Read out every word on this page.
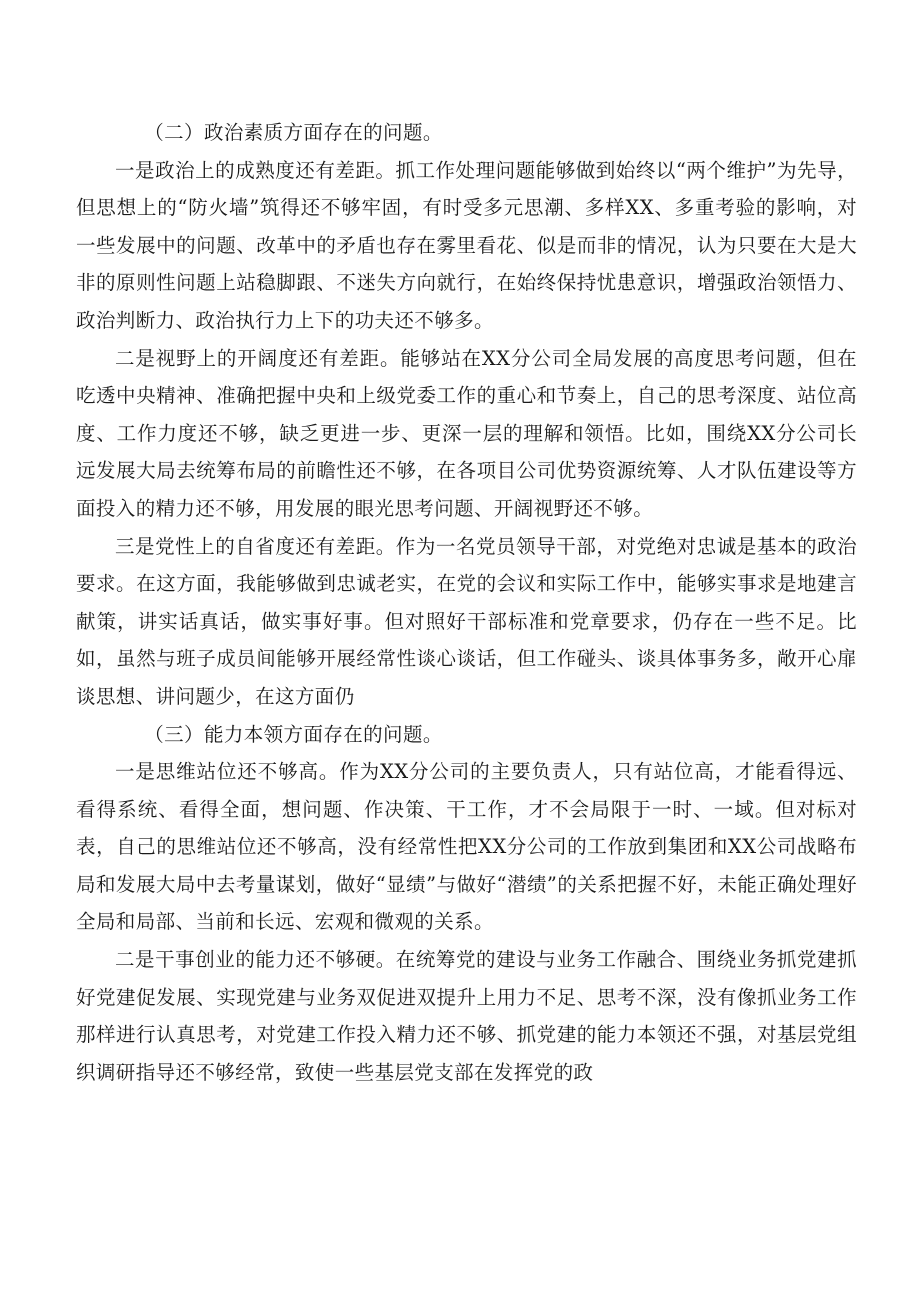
（二）政治素质方面存在的问题。

一是政治上的成熟度还有差距。抓工作处理问题能够做到始终以“两个维护”为先导，但思想上的“防火墙”筑得还不够牢固，有时受多元思潮、多样XX、多重考验的影响，对一些发展中的问题、改革中的矛盾也存在雾里看花、似是而非的情况，认为只要在大是大非的原则性问题上站稳脚跟、不迷失方向就行，在始终保持忧患意识，增强政治领悟力、政治判断力、政治执行力上下的功夫还不够多。

二是视野上的开阔度还有差距。能够站在XX分公司全局发展的高度思考问题，但在吃透中央精神、准确把握中央和上级党委工作的重心和节奏上，自己的思考深度、站位高度、工作力度还不够，缺乏更进一步、更深一层的理解和领悟。比如，围绕XX分公司长远发展大局去统筹布局的前瞻性还不够，在各项目公司优势资源统筹、人才队伍建设等方面投入的精力还不够，用发展的眼光思考问题、开阔视野还不够。

三是党性上的自省度还有差距。作为一名党员领导干部，对党绝对忠诚是基本的政治要求。在这方面，我能够做到忠诚老实，在党的会议和实际工作中，能够实事求是地建言献策，讲实话真话，做实事好事。但对照好干部标准和党章要求，仍存在一些不足。比如，虽然与班子成员间能够开展经常性谈心谈话，但工作碰头、谈具体事务多，敞开心扉谈思想、讲问题少，在这方面仍

（三）能力本领方面存在的问题。

一是思维站位还不够高。作为XX分公司的主要负责人，只有站位高，才能看得远、看得系统、看得全面，想问题、作决策、干工作，才不会局限于一时、一域。但对标对表，自己的思维站位还不够高，没有经常性把XX分公司的工作放到集团和XX公司战略布局和发展大局中去考量谋划，做好“显绩”与做好“潜绩”的关系把握不好，未能正确处理好全局和局部、当前和长远、宏观和微观的关系。

二是干事创业的能力还不够硬。在统筹党的建设与业务工作融合、围绕业务抓党建抓好党建促发展、实现党建与业务双促进双提升上用力不足、思考不深，没有像抓业务工作那样进行认真思考，对党建工作投入精力还不够、抓党建的能力本领还不强，对基层党组织调研指导还不够经常，致使一些基层党支部在发挥党的政
